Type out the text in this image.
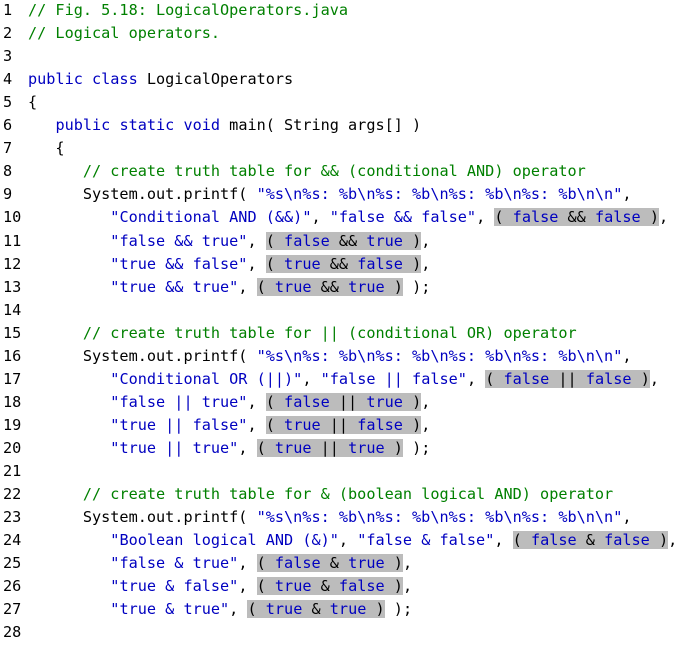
1	// Fig. 5.18: LogicalOperators.java
2	// Logical operators.
3
4	public class LogicalOperators
5	{
6	public static void main( String args[] )
7	{
8	// create truth table for && (conditional AND) operator
9	System.out.printf( "%s\n%s: %b\n%s: %b\n%s: %b\n%s: %b\n\n",
10	"Conditional AND (&&)", "false && false", ( false && false ),
11	"false && true", ( false && true ),
12	"true && false", ( true && false ),
13	"true && true", ( true && true ) );
14
15 // create truth table for || (conditional OR) operator
16 System.out.printf( "%s\n%s: %b\n%s: %b\n%s: %b\n%s: %b\n\n",
17	"Conditional OR (||)", "false || false", ( false || false ),
18	"false || true", ( false || true ),
19	"true || false", ( true || false ),
20	"true || true", ( true || true ) );
21
22 // create truth table for & (boolean logical AND) operator
23 System.out.printf( "%s\n%s: %b\n%s: %b\n%s: %b\n%s: %b\n\n",
24	"Boolean logical AND (&)", "false & false", ( false & false ),
25	"false & true", ( false & true ),
26	"true & false", ( true & false ),
27	"true & true", ( true & true ) );
28
